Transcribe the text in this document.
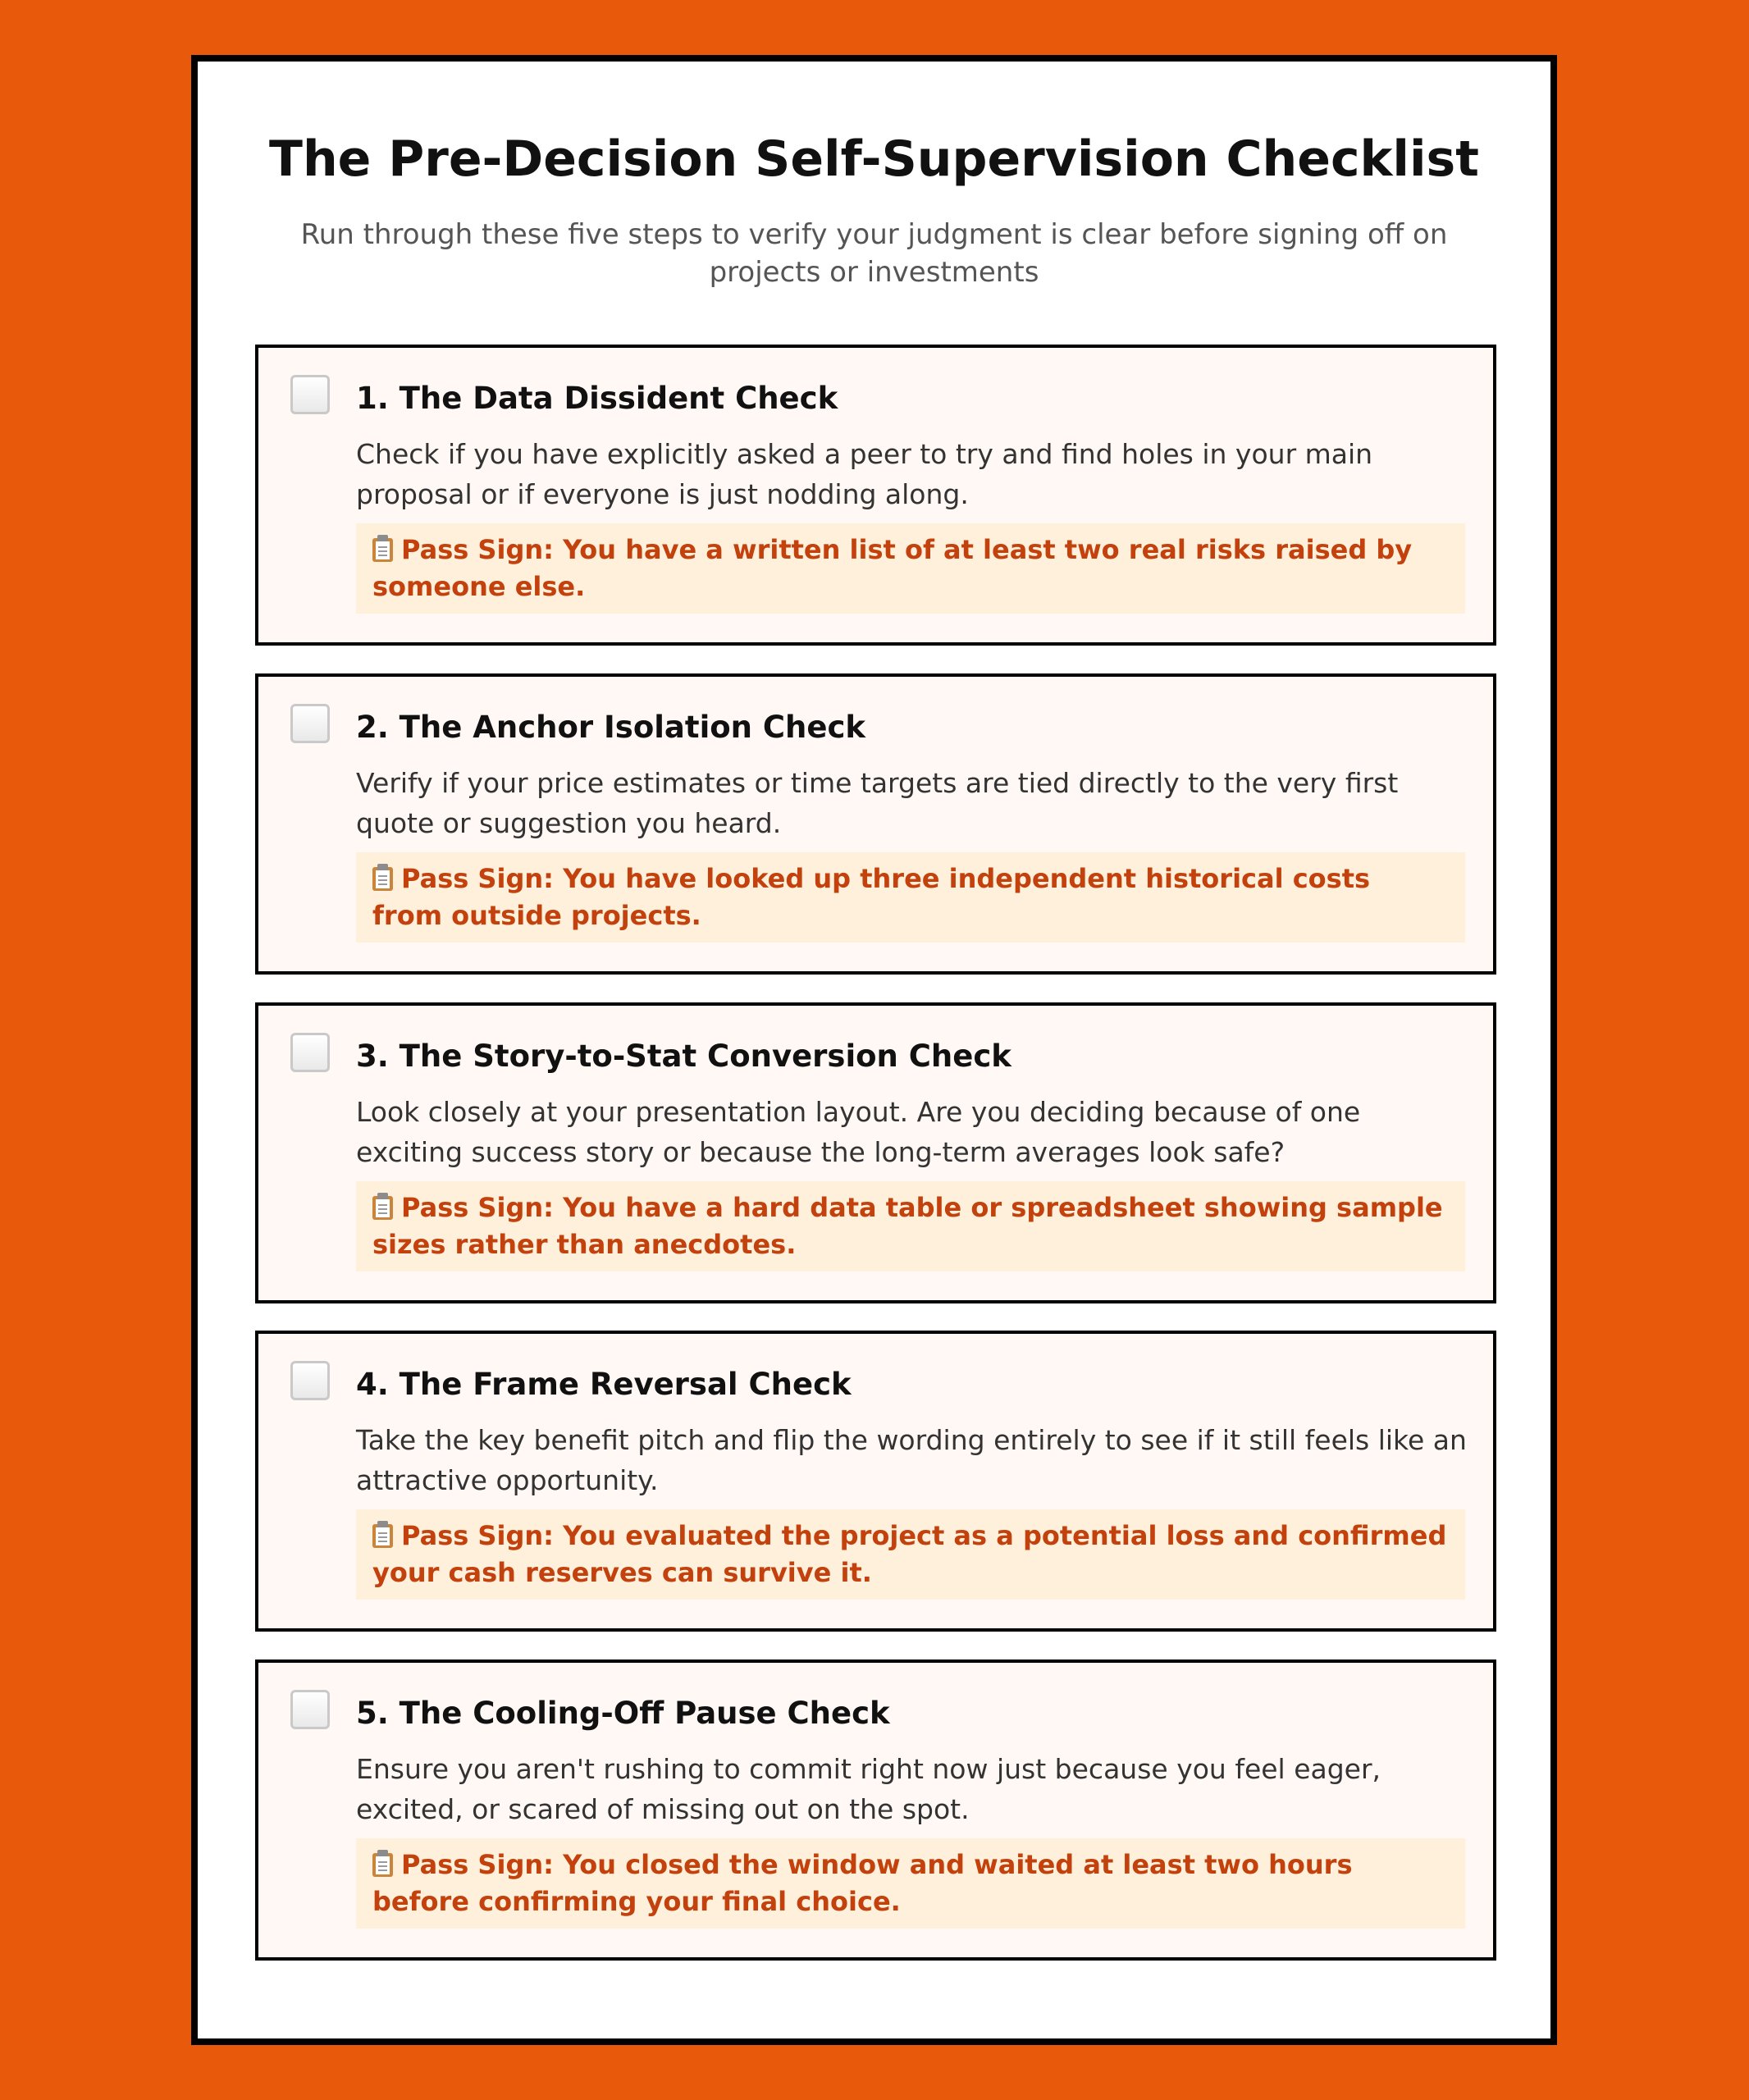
The Pre-Decision Self-Supervision Checklist

Run through these five steps to verify your judgment is clear before signing off on projects or investments

1. The Data Dissident Check
Check if you have explicitly asked a peer to try and find holes in your main proposal or if everyone is just nodding along.
Pass Sign: You have a written list of at least two real risks raised by someone else.
2. The Anchor Isolation Check
Verify if your price estimates or time targets are tied directly to the very first quote or suggestion you heard.
Pass Sign: You have looked up three independent historical costs from outside projects.
3. The Story-to-Stat Conversion Check
Look closely at your presentation layout. Are you deciding because of one exciting success story or because the long-term averages look safe?
Pass Sign: You have a hard data table or spreadsheet showing sample sizes rather than anecdotes.
4. The Frame Reversal Check
Take the key benefit pitch and flip the wording entirely to see if it still feels like an attractive opportunity.
Pass Sign: You evaluated the project as a potential loss and confirmed your cash reserves can survive it.
5. The Cooling-Off Pause Check
Ensure you aren't rushing to commit right now just because you feel eager, excited, or scared of missing out on the spot.
Pass Sign: You closed the window and waited at least two hours before confirming your final choice.
